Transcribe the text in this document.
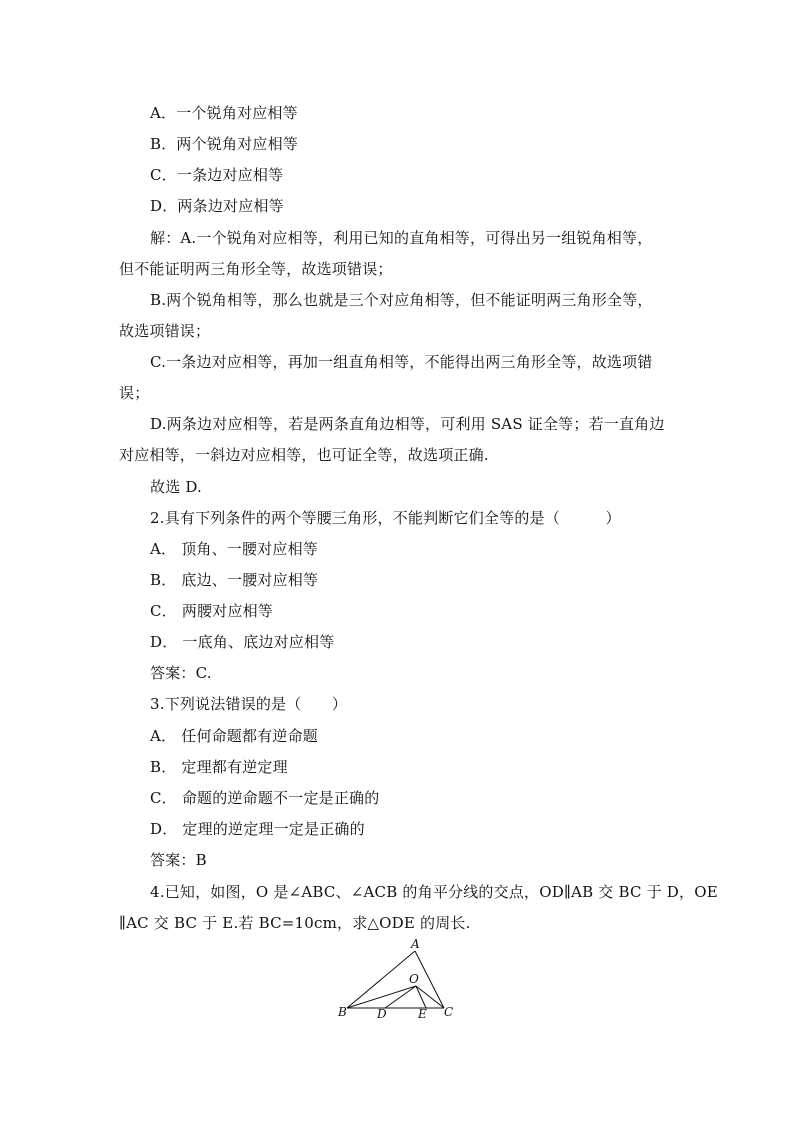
A．一个锐角对应相等
B．两个锐角对应相等
C．一条边对应相等
D．两条边对应相等
解：A.一个锐角对应相等，利用已知的直角相等，可得出另一组锐角相等，
但不能证明两三角形全等，故选项错误；
B.两个锐角相等，那么也就是三个对应角相等，但不能证明两三角形全等，
故选项错误；
C.一条边对应相等，再加一组直角相等，不能得出两三角形全等，故选项错
误；
D.两条边对应相等，若是两条直角边相等，可利用 SAS 证全等；若一直角边
对应相等，一斜边对应相等，也可证全等，故选项正确.
故选 D.
2.具有下列条件的两个等腰三角形，不能判断它们全等的是（　　　）
A． 顶角、一腰对应相等
B． 底边、一腰对应相等
C． 两腰对应相等
D． 一底角、底边对应相等
答案：C.
3.下列说法错误的是（　　）
A． 任何命题都有逆命题
B． 定理都有逆定理
C． 命题的逆命题不一定是正确的
D． 定理的逆定理一定是正确的
答案：B
4.已知，如图，O 是∠ABC、∠ACB 的角平分线的交点，OD∥AB 交 BC 于 D，OE
∥AC 交 BC 于 E.若 BC=10cm，求△ODE 的周长.
A
O
B	D	E C
